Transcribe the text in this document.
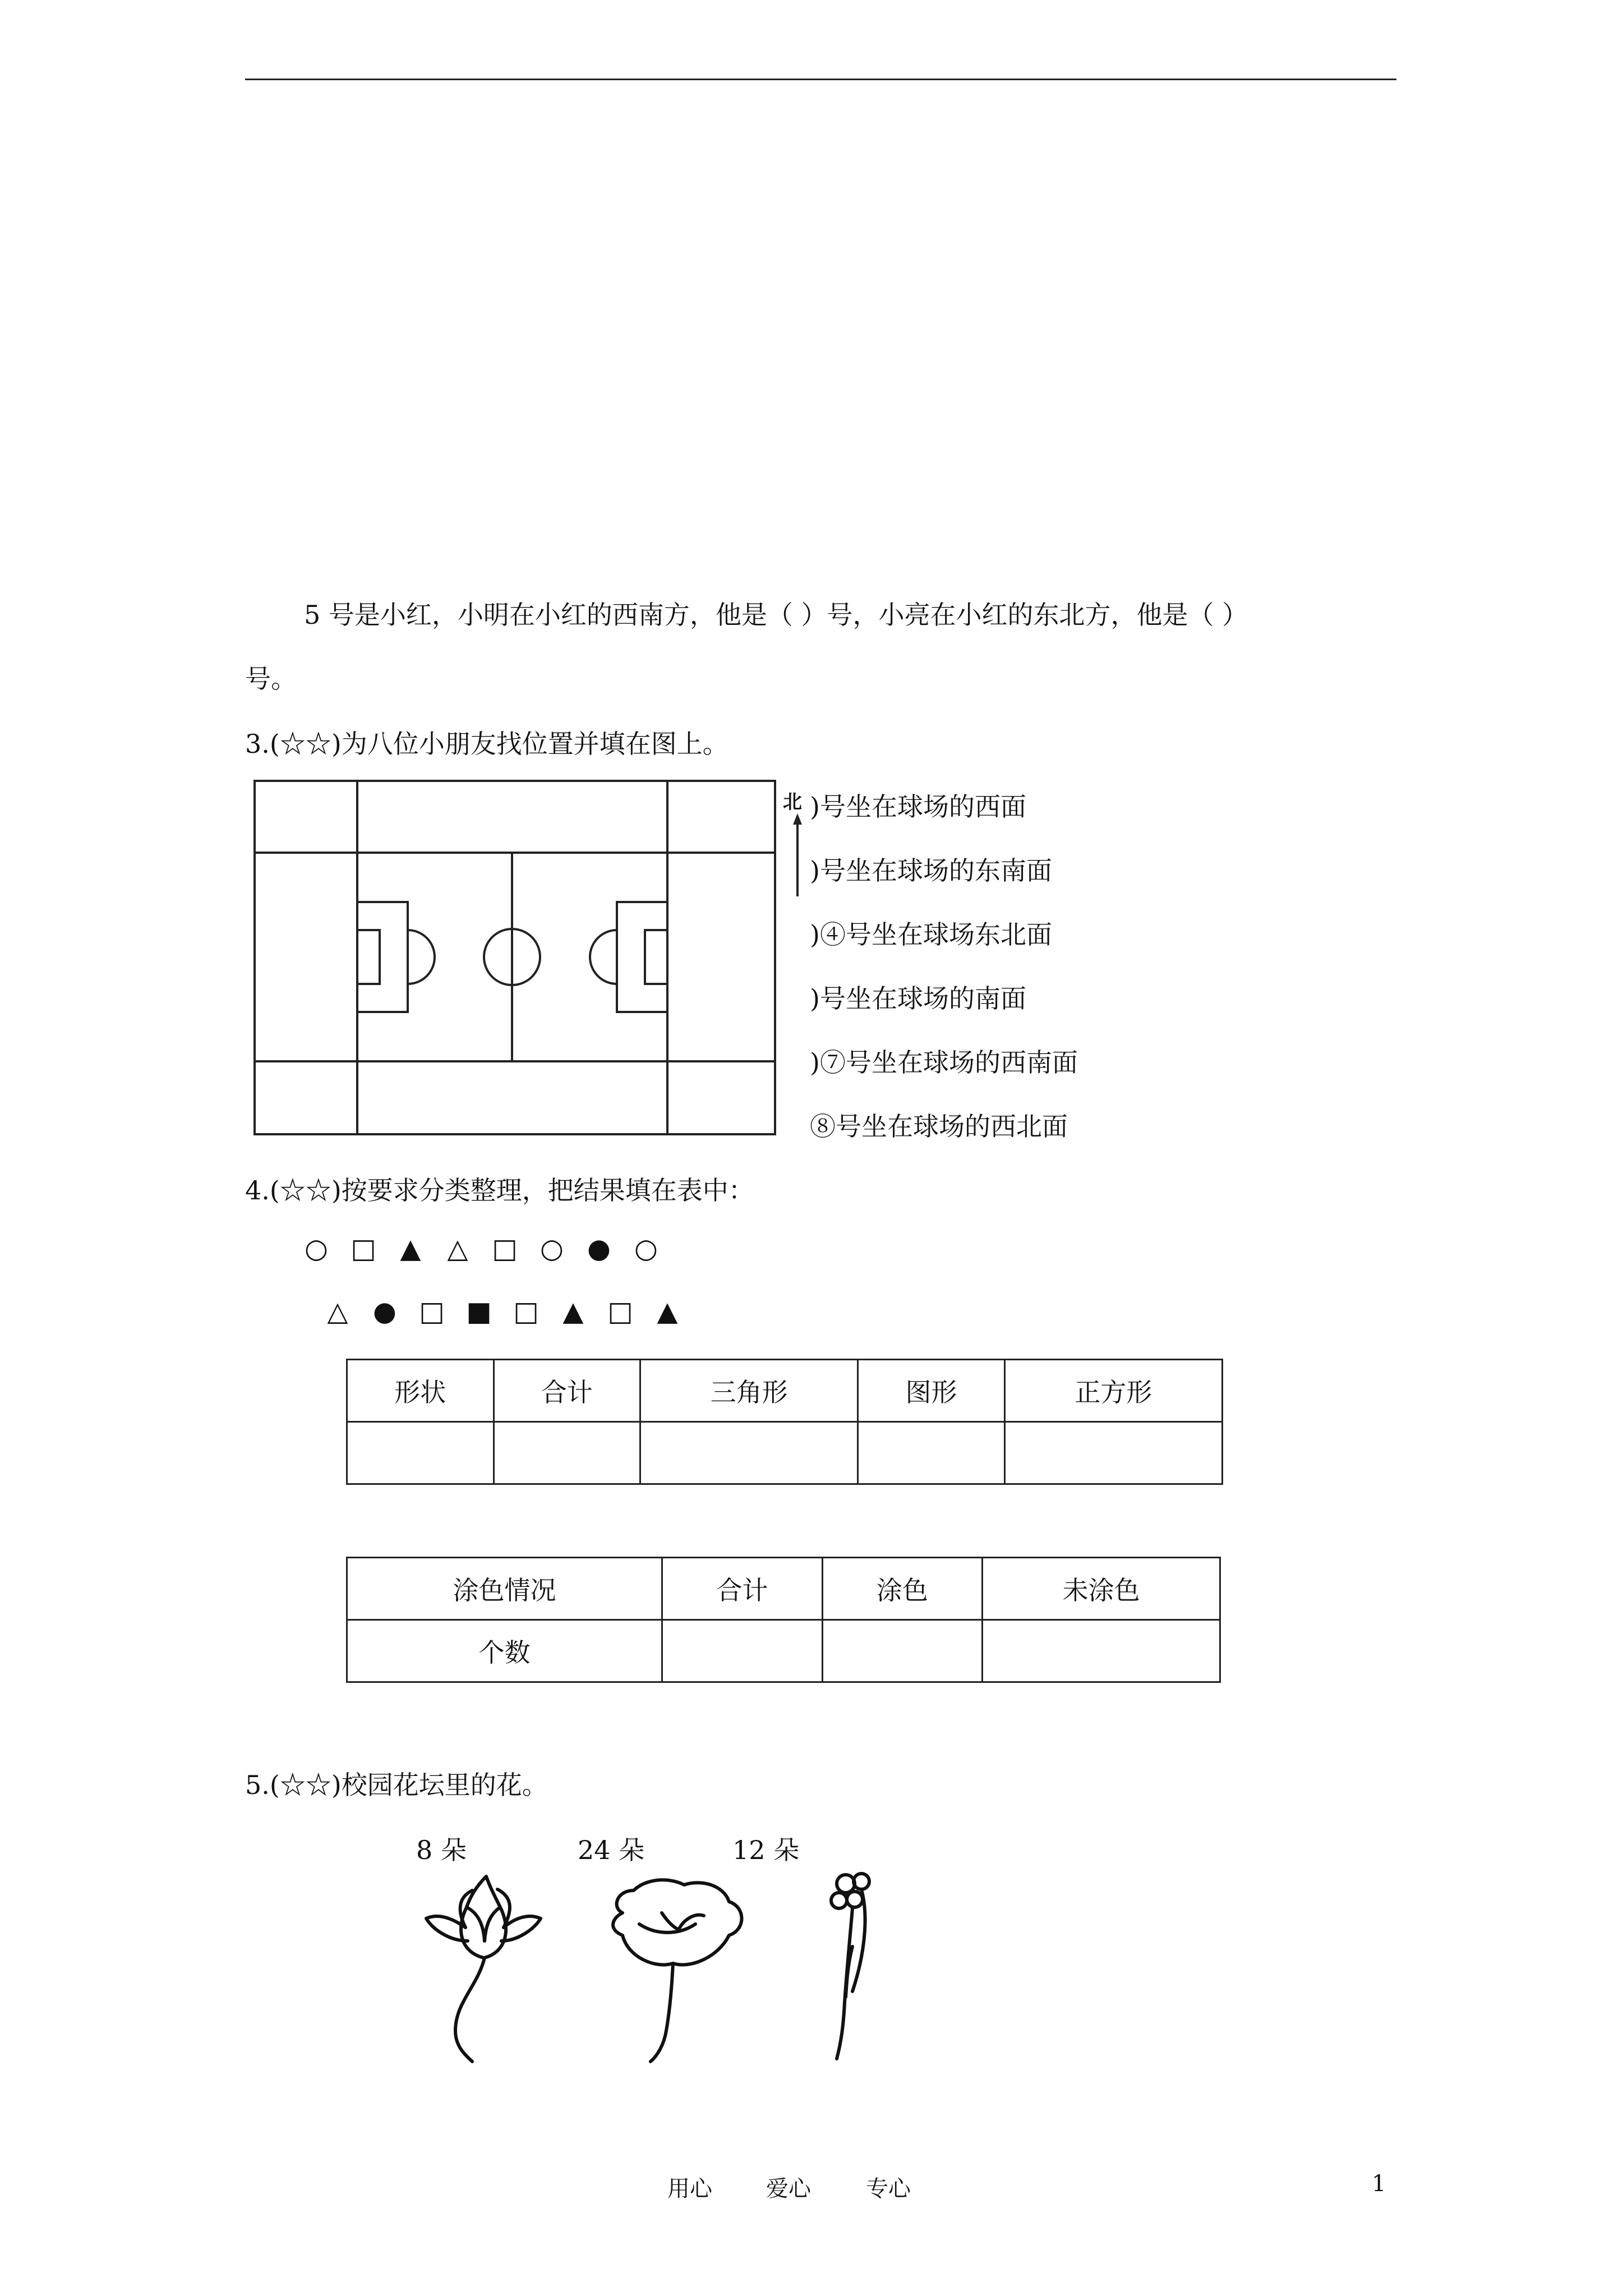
5 号是小红，小明在小红的西南方，他是（ ）号，小亮在小红的东北方，他是（ ）
号。
3.(☆☆)为八位小朋友找位置并填在图上。
北 )号坐在球场的西面
)号坐在球场的东南面
)④号坐在球场东北面
)号坐在球场的南面
)⑦号坐在球场的西南面
⑧号坐在球场的西北面
4.(☆☆)按要求分类整理，把结果填在表中：
○ □ ▲ △ □ ○ ● ○
△ ● □ ■ □ ▲ □ ▲
形状	合计	三角形	图形	正方形

涂色情况	合计	涂色	未涂色
个数			
5.(☆☆)校园花坛里的花。
8 朵	24 朵	12 朵
用心 爱心 专心	1
